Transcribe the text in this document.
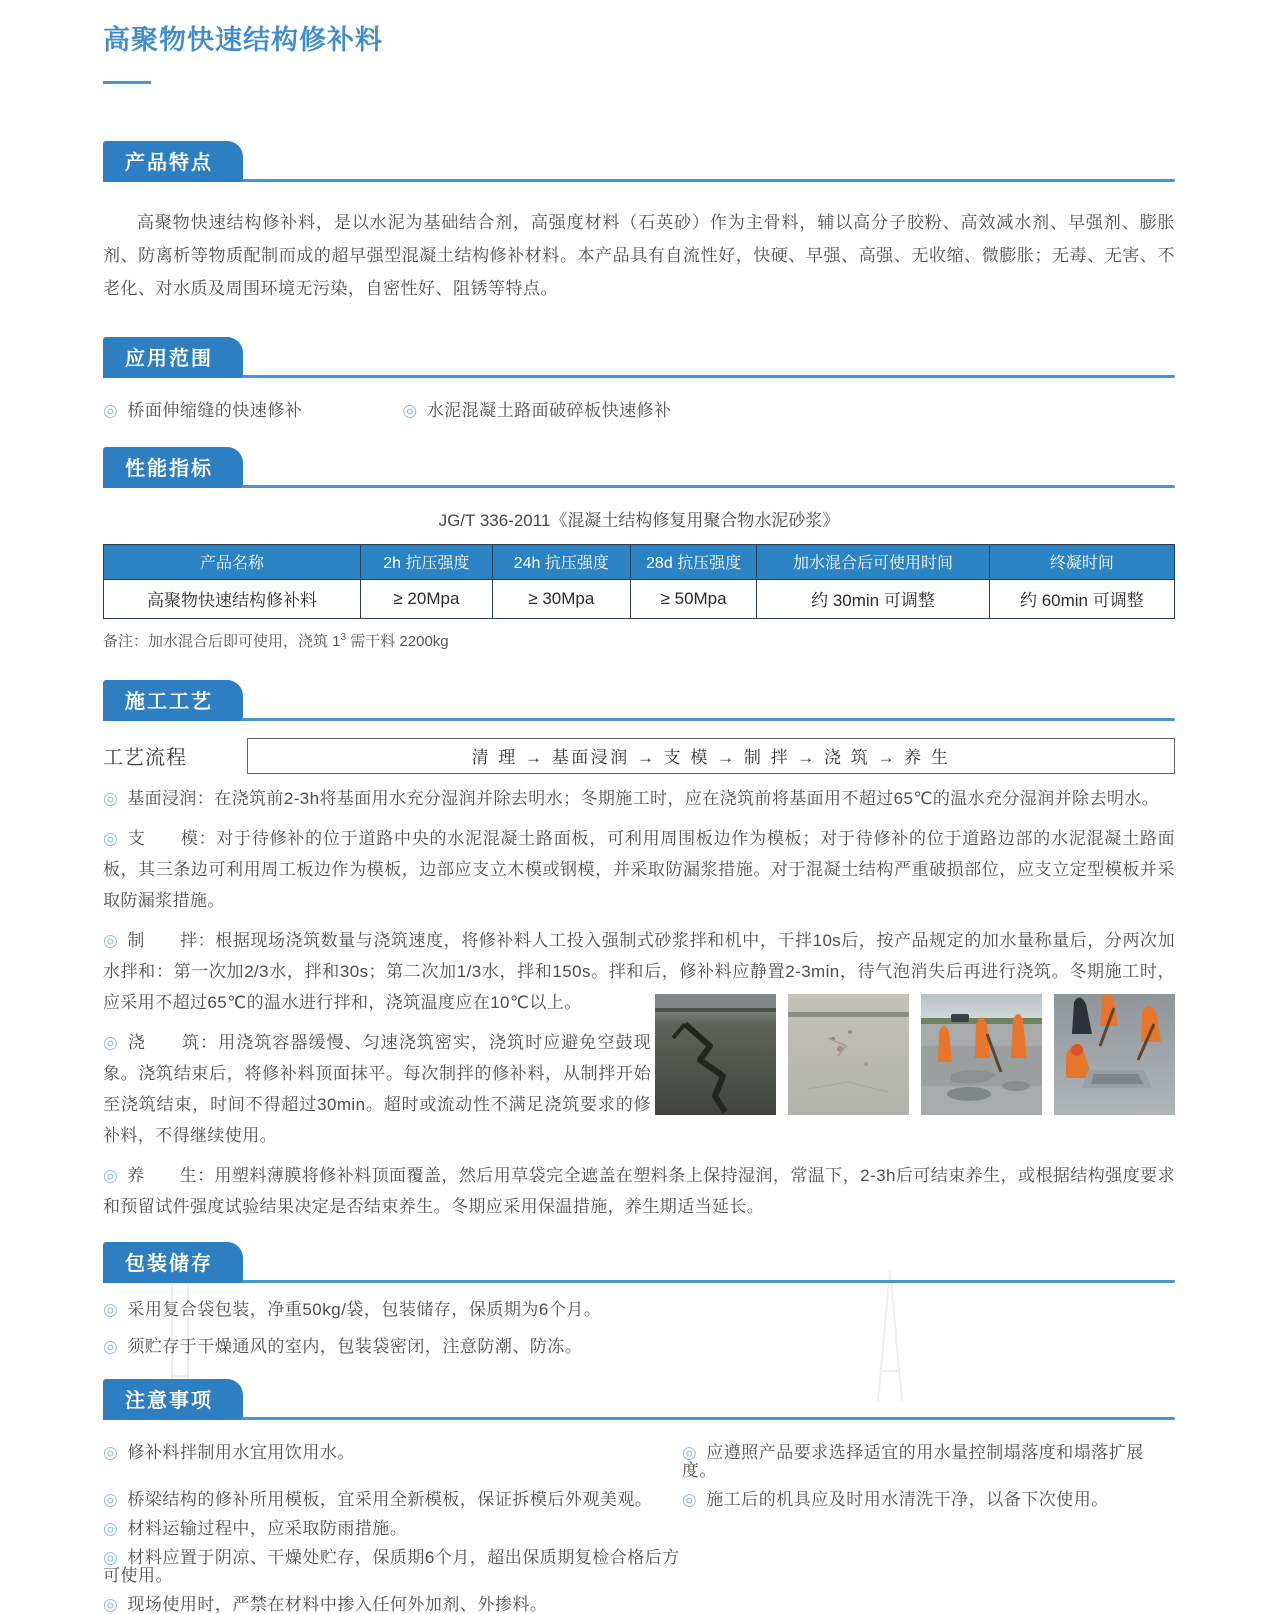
高聚物快速结构修补料
产品特点

高聚物快速结构修补料，是以水泥为基础结合剂，高强度材料（石英砂）作为主骨料，辅以高分子胶粉、高效减水剂、早强剂、膨胀剂、防离析等物质配制而成的超早强型混凝土结构修补材料。本产品具有自流性好，快硬、早强、高强、无收缩、微膨胀；无毒、无害、不老化、对水质及周围环境无污染，自密性好、阻锈等特点。

应用范围
◎ 桥面伸缩缝的快速修补	◎ 水泥混凝土路面破碎板快速修补
性能指标
JG/T 336-2011《混凝土结构修复用聚合物水泥砂浆》
产品名称	2h 抗压强度	24h 抗压强度	28d 抗压强度	加水混合后可使用时间	终凝时间
高聚物快速结构修补料	≥ 20Mpa	≥ 30Mpa	≥ 50Mpa	约 30min 可调整	约 60min 可调整
备注：加水混合后即可使用，浇筑 $1^3$ 需干料 2200kg
施工工艺
工艺流程	清 理 → 基面浸润 → 支 模 → 制 拌 → 浇 筑 → 养 生

◎ 基面浸润：在浇筑前2-3h将基面用水充分湿润并除去明水；冬期施工时，应在浇筑前将基面用不超过65℃的温水充分湿润并除去明水。

◎ 支　　模：对于待修补的位于道路中央的水泥混凝土路面板，可利用周围板边作为模板；对于待修补的位于道路边部的水泥混凝土路面板，其三条边可利用周工板边作为模板，边部应支立木模或钢模，并采取防漏浆措施。对于混凝土结构严重破损部位，应支立定型模板并采取防漏浆措施。

◎ 制　　拌：根据现场浇筑数量与浇筑速度，将修补料人工投入强制式砂浆拌和机中，干拌10s后，按产品规定的加水量称量后，分两次加水拌和：第一次加2/3水，拌和30s；第二次加1/3水，拌和150s。拌和后，修补料应静置2-3min，待气泡消失后再进行浇筑。冬期施工时，应采用不超过65℃的温水进行拌和，浇筑温度应在10℃以上。

◎ 浇　　筑：用浇筑容器缓慢、匀速浇筑密实，浇筑时应避免空鼓现象。浇筑结束后，将修补料顶面抹平。每次制拌的修补料，从制拌开始至浇筑结束，时间不得超过30min。超时或流动性不满足浇筑要求的修补料，不得继续使用。

◎ 养　　生：用塑料薄膜将修补料顶面覆盖，然后用草袋完全遮盖在塑料条上保持湿润，常温下，2-3h后可结束养生，或根据结构强度要求和预留试件强度试验结果决定是否结束养生。冬期应采用保温措施，养生期适当延长。

包装储存
◎ 采用复合袋包装，净重50kg/袋，包装储存，保质期为6个月。
◎ 须贮存于干燥通风的室内，包装袋密闭，注意防潮、防冻。
注意事项
◎ 修补料拌制用水宜用饮用水。	◎ 应遵照产品要求选择适宜的用水量控制塌落度和塌落扩展度。
◎ 桥梁结构的修补所用模板，宜采用全新模板，保证拆模后外观美观。	◎ 施工后的机具应及时用水清洗干净，以备下次使用。
◎ 材料运输过程中，应采取防雨措施。
◎ 材料应置于阴凉、干燥处贮存，保质期6个月，超出保质期复检合格后方可使用。
◎ 现场使用时，严禁在材料中掺入任何外加剂、外掺料。
